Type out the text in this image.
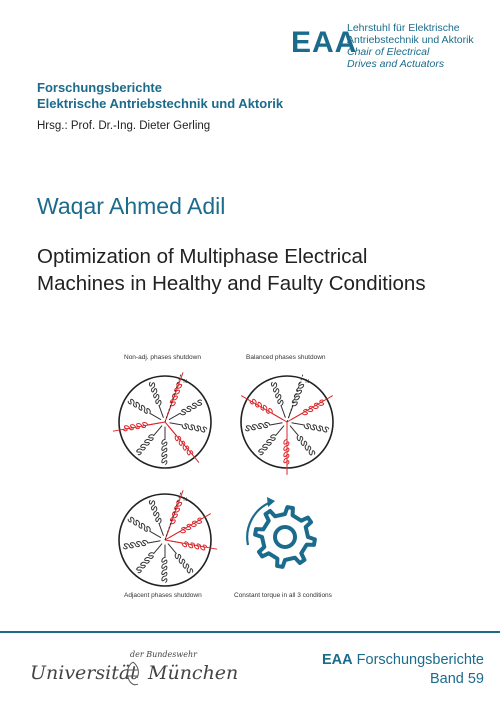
EAA
Lehrstuhl für Elektrische
Antriebstechnik und Aktorik
Chair of Electrical
Drives and Actuators
Forschungsberichte
Elektrische Antriebstechnik und Aktorik
Hrsg.: Prof. Dr.-Ing. Dieter Gerling
Waqar Ahmed Adil
Optimization of Multiphase Electrical
Machines in Healthy and Faulty Conditions
N	N
N
Non-adj. phases shutdown	Balanced phases shutdown
Adjacent phases shutdown	Constant torque in all 3 conditions
Universität
der Bundeswehr
München
EAA Forschungsberichte
Band 59
